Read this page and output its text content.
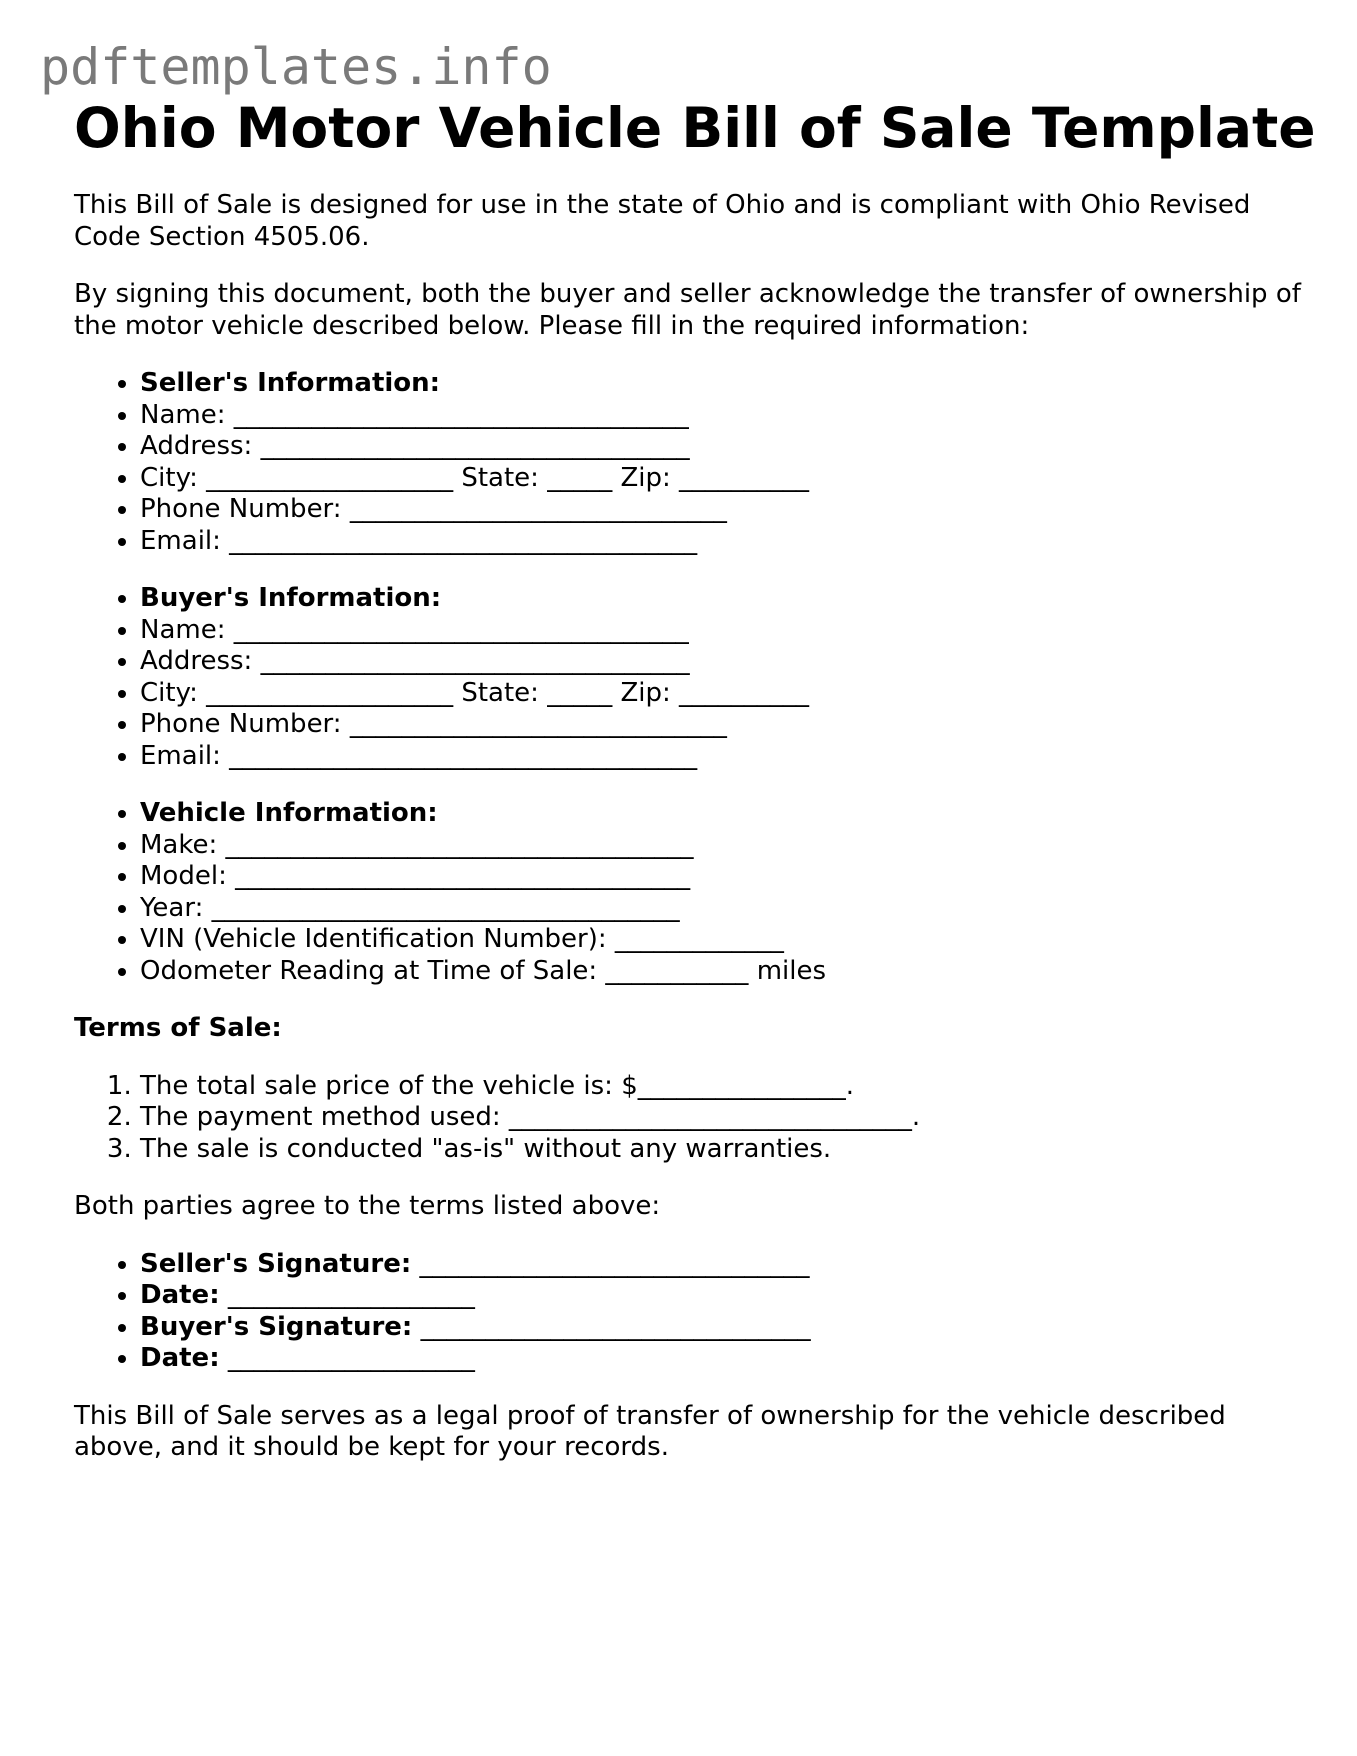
pdftemplates.info
Ohio Motor Vehicle Bill of Sale Template

This Bill of Sale is designed for use in the state of Ohio and is compliant with Ohio Revised Code Section 4505.06.

By signing this document, both the buyer and seller acknowledge the transfer of ownership of the motor vehicle described below. Please fill in the required information:

• Seller's Information:
• Name: ___________________________________
• Address: _________________________________
• City: ___________________ State: _____ Zip: __________
• Phone Number: _____________________________
• Email: ____________________________________
• Buyer's Information:
• Name: ___________________________________
• Address: _________________________________
• City: ___________________ State: _____ Zip: __________
• Phone Number: _____________________________
• Email: ____________________________________
• Vehicle Information:
• Make: ____________________________________
• Model: ___________________________________
• Year: ____________________________________
• VIN (Vehicle Identification Number): _____________
• Odometer Reading at Time of Sale: ___________ miles

Terms of Sale:

1. The total sale price of the vehicle is: $________________.
2. The payment method used: _______________________________.
3. The sale is conducted "as-is" without any warranties.

Both parties agree to the terms listed above:

• Seller's Signature: ______________________________
• Date: ___________________
• Buyer's Signature: ______________________________
• Date: ___________________

This Bill of Sale serves as a legal proof of transfer of ownership for the vehicle described above, and it should be kept for your records.
